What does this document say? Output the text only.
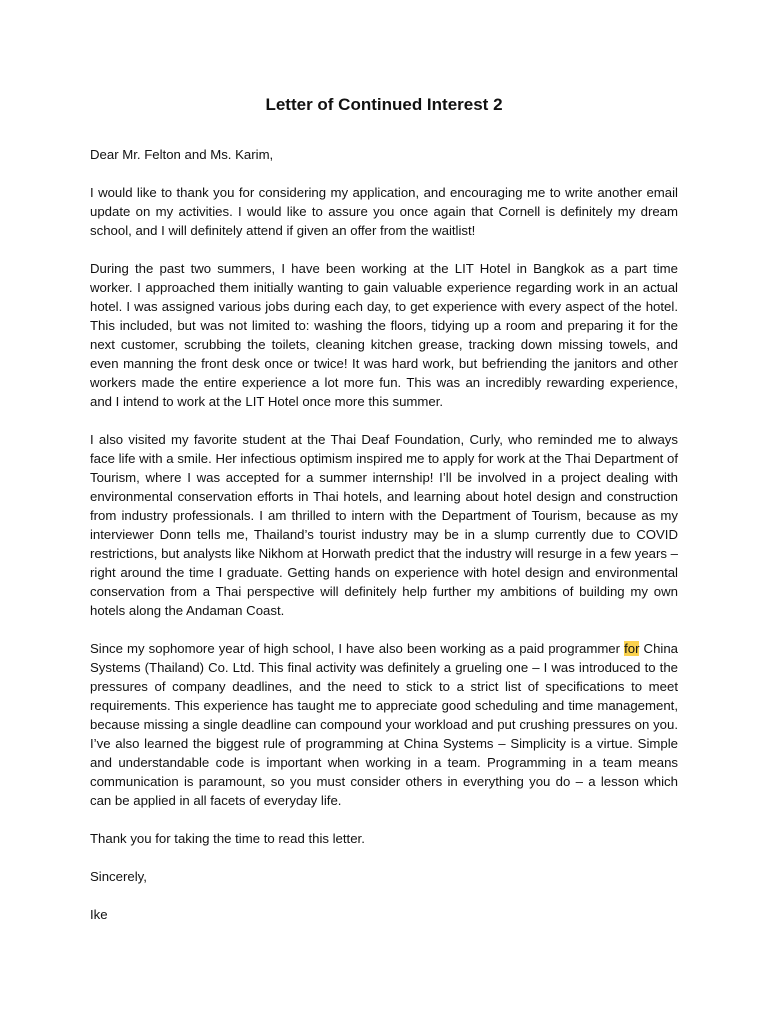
Letter of Continued Interest 2

Dear Mr. Felton and Ms. Karim,

I would like to thank you for considering my application, and encouraging me to write another email update on my activities. I would like to assure you once again that Cornell is definitely my dream school, and I will definitely attend if given an offer from the waitlist!

During the past two summers, I have been working at the LIT Hotel in Bangkok as a part time worker. I approached them initially wanting to gain valuable experience regarding work in an actual hotel. I was assigned various jobs during each day, to get experience with every aspect of the hotel. This included, but was not limited to: washing the floors, tidying up a room and preparing it for the next customer, scrubbing the toilets, cleaning kitchen grease, tracking down missing towels, and even manning the front desk once or twice! It was hard work, but befriending the janitors and other workers made the entire experience a lot more fun. This was an incredibly rewarding experience, and I intend to work at the LIT Hotel once more this summer.

I also visited my favorite student at the Thai Deaf Foundation, Curly, who reminded me to always face life with a smile. Her infectious optimism inspired me to apply for work at the Thai Department of Tourism, where I was accepted for a summer internship! I’ll be involved in a project dealing with environmental conservation efforts in Thai hotels, and learning about hotel design and construction from industry professionals. I am thrilled to intern with the Department of Tourism, because as my interviewer Donn tells me, Thailand’s tourist industry may be in a slump currently due to COVID restrictions, but analysts like Nikhom at Horwath predict that the industry will resurge in a few years – right around the time I graduate. Getting hands on experience with hotel design and environmental conservation from a Thai perspective will definitely help further my ambitions of building my own hotels along the Andaman Coast.

Since my sophomore year of high school, I have also been working as a paid programmer for China Systems (Thailand) Co. Ltd. This final activity was definitely a grueling one – I was introduced to the pressures of company deadlines, and the need to stick to a strict list of specifications to meet requirements. This experience has taught me to appreciate good scheduling and time management, because missing a single deadline can compound your workload and put crushing pressures on you. I’ve also learned the biggest rule of programming at China Systems – Simplicity is a virtue. Simple and understandable code is important when working in a team. Programming in a team means communication is paramount, so you must consider others in everything you do – a lesson which can be applied in all facets of everyday life.

Thank you for taking the time to read this letter.

Sincerely,

Ike
